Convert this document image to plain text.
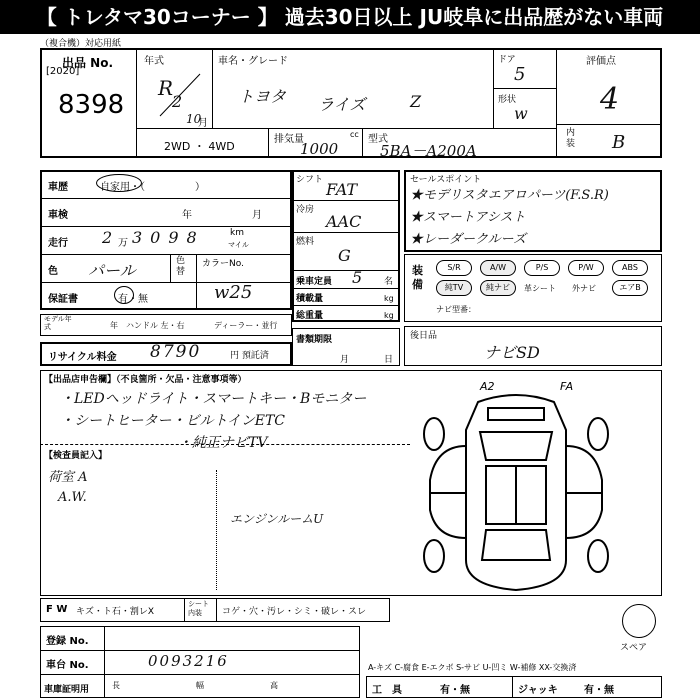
【 トレタマ30コーナー 】 過去30日以上 JU岐阜に出品歴がない車両
（複合機）対応用紙
出品 No.
[2020]
8398
年式
R
2
10
月
車名・グレード
トヨタ ライズ	Z
ドア
5
形状
w
評価点
4
内装 B
2WD ・ 4WD
排気量	cc
1000
型式
5BA－A200A
車歴	自家用・（　　　　　）
車検	年	月
走行 2 万 3098	km
マイル
色 パール	色替
カラーNo.
保証書	有・無	w25
モデル年式	年 ハンドル 左・右	ディーラー・並行
リサイクル料金 8790	円 預託済
シフト FAT
冷房
AAC
燃料
G
乗車定員 5 名
積載量	kg
総重量	kg
書類期限
月	日
セールスポイント
★モデリスタエアロパーツ(F.S.R)
★スマートアシスト
★レーダークルーズ
装備
S/R	A/W	P/S	P/W	ABS
純TV	純ナビ	革シート 外ナビ	エアB
ナビ型番：
後日品
ナビSD
【出品店申告欄】（不良箇所・欠品・注意事項等）
・LEDヘッドライト・スマートキー・Bモニター
・シートヒーター・ビルトインETC
・純正ナビTV
【検査員記入】
荷室 A
A.W.
エンジンルームU
A2	FA
F W キズ・ト石・割レX
シート内装	コゲ・穴・汚レ・シミ・破レ・スレ
スペア
登録 No.
車台 No.	0093216
車庫証明用	長	幅	高
A-キズ C-腐食 E-エクボ S-サビ U-凹ミ W-補修 XX-交換済
工　具	有・無	ジャッキ	有・無
